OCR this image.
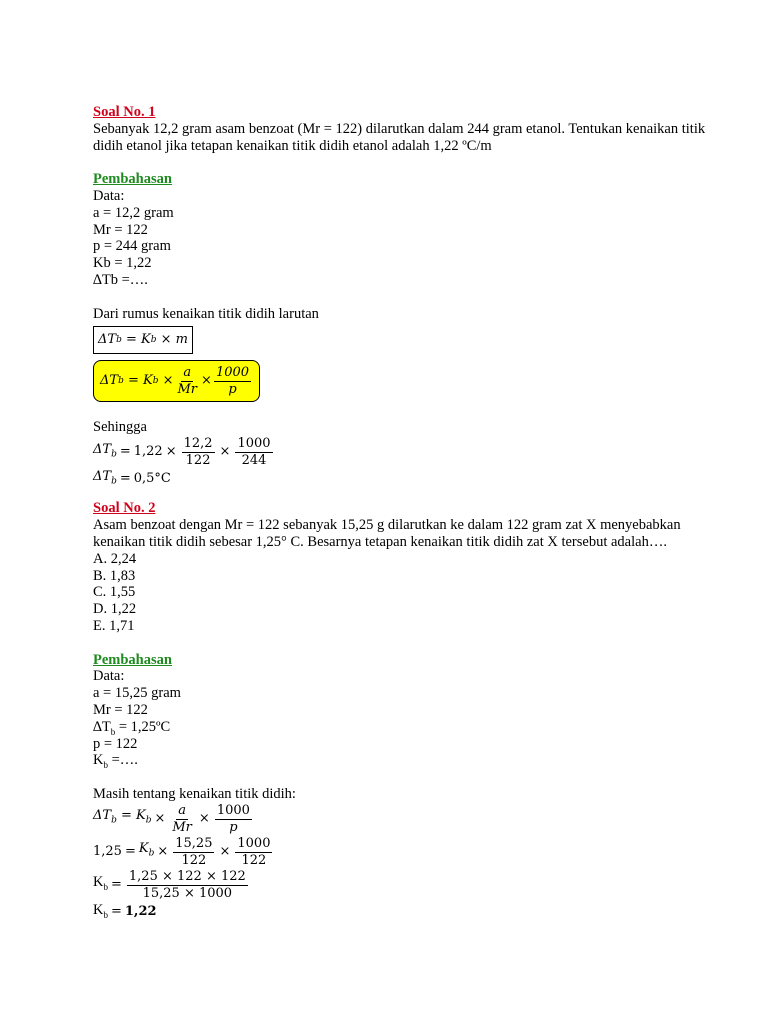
Soal No. 1
Sebanyak 12,2 gram asam benzoat (Mr = 122) dilarutkan dalam 244 gram etanol. Tentukan kenaikan titik didih etanol jika tetapan kenaikan titik didih etanol adalah 1,22 ºC/m
Pembahasan
Data:
a = 12,2 gram
Mr = 122
p = 244 gram
Kb = 1,22
∆Tb =….
Dari rumus kenaikan titik didih larutan
ΔT b = K b × m
ΔT b = K $b \times \frac{a}{Mr} \times \frac{1000}{p}$
Sehingga
$\Delta T_b = 1,22 \times \frac{12,2}{122} \times \frac{1000}{244}$
$\Delta T_b = 0,5^\circ C$
Soal No. 2
Asam benzoat dengan Mr = 122 sebanyak 15,25 g dilarutkan ke dalam 122 gram zat X menyebabkan kenaikan titik didih sebesar 1,25° C. Besarnya tetapan kenaikan titik didih zat X tersebut adalah….
A. 2,24
B. 1,83
C. 1,55
D. 1,22
E. 1,71
Pembahasan
Data:
a = 15,25 gram
Mr = 122
$\Delta T_b$ = 1,25ºC
p = 122
$K_b$ =….
Masih tentang kenaikan titik didih:
$\Delta T_b = K_b \times \frac{a}{Mr} \times \frac{1000}{p}$
$1,25 = K_b \times \frac{15,25}{122} \times \frac{1000}{122}$
$K_b = \frac{1,25 \times 122 \times 122}{15,25 \times 1000}$
$K_b = 1,22$
